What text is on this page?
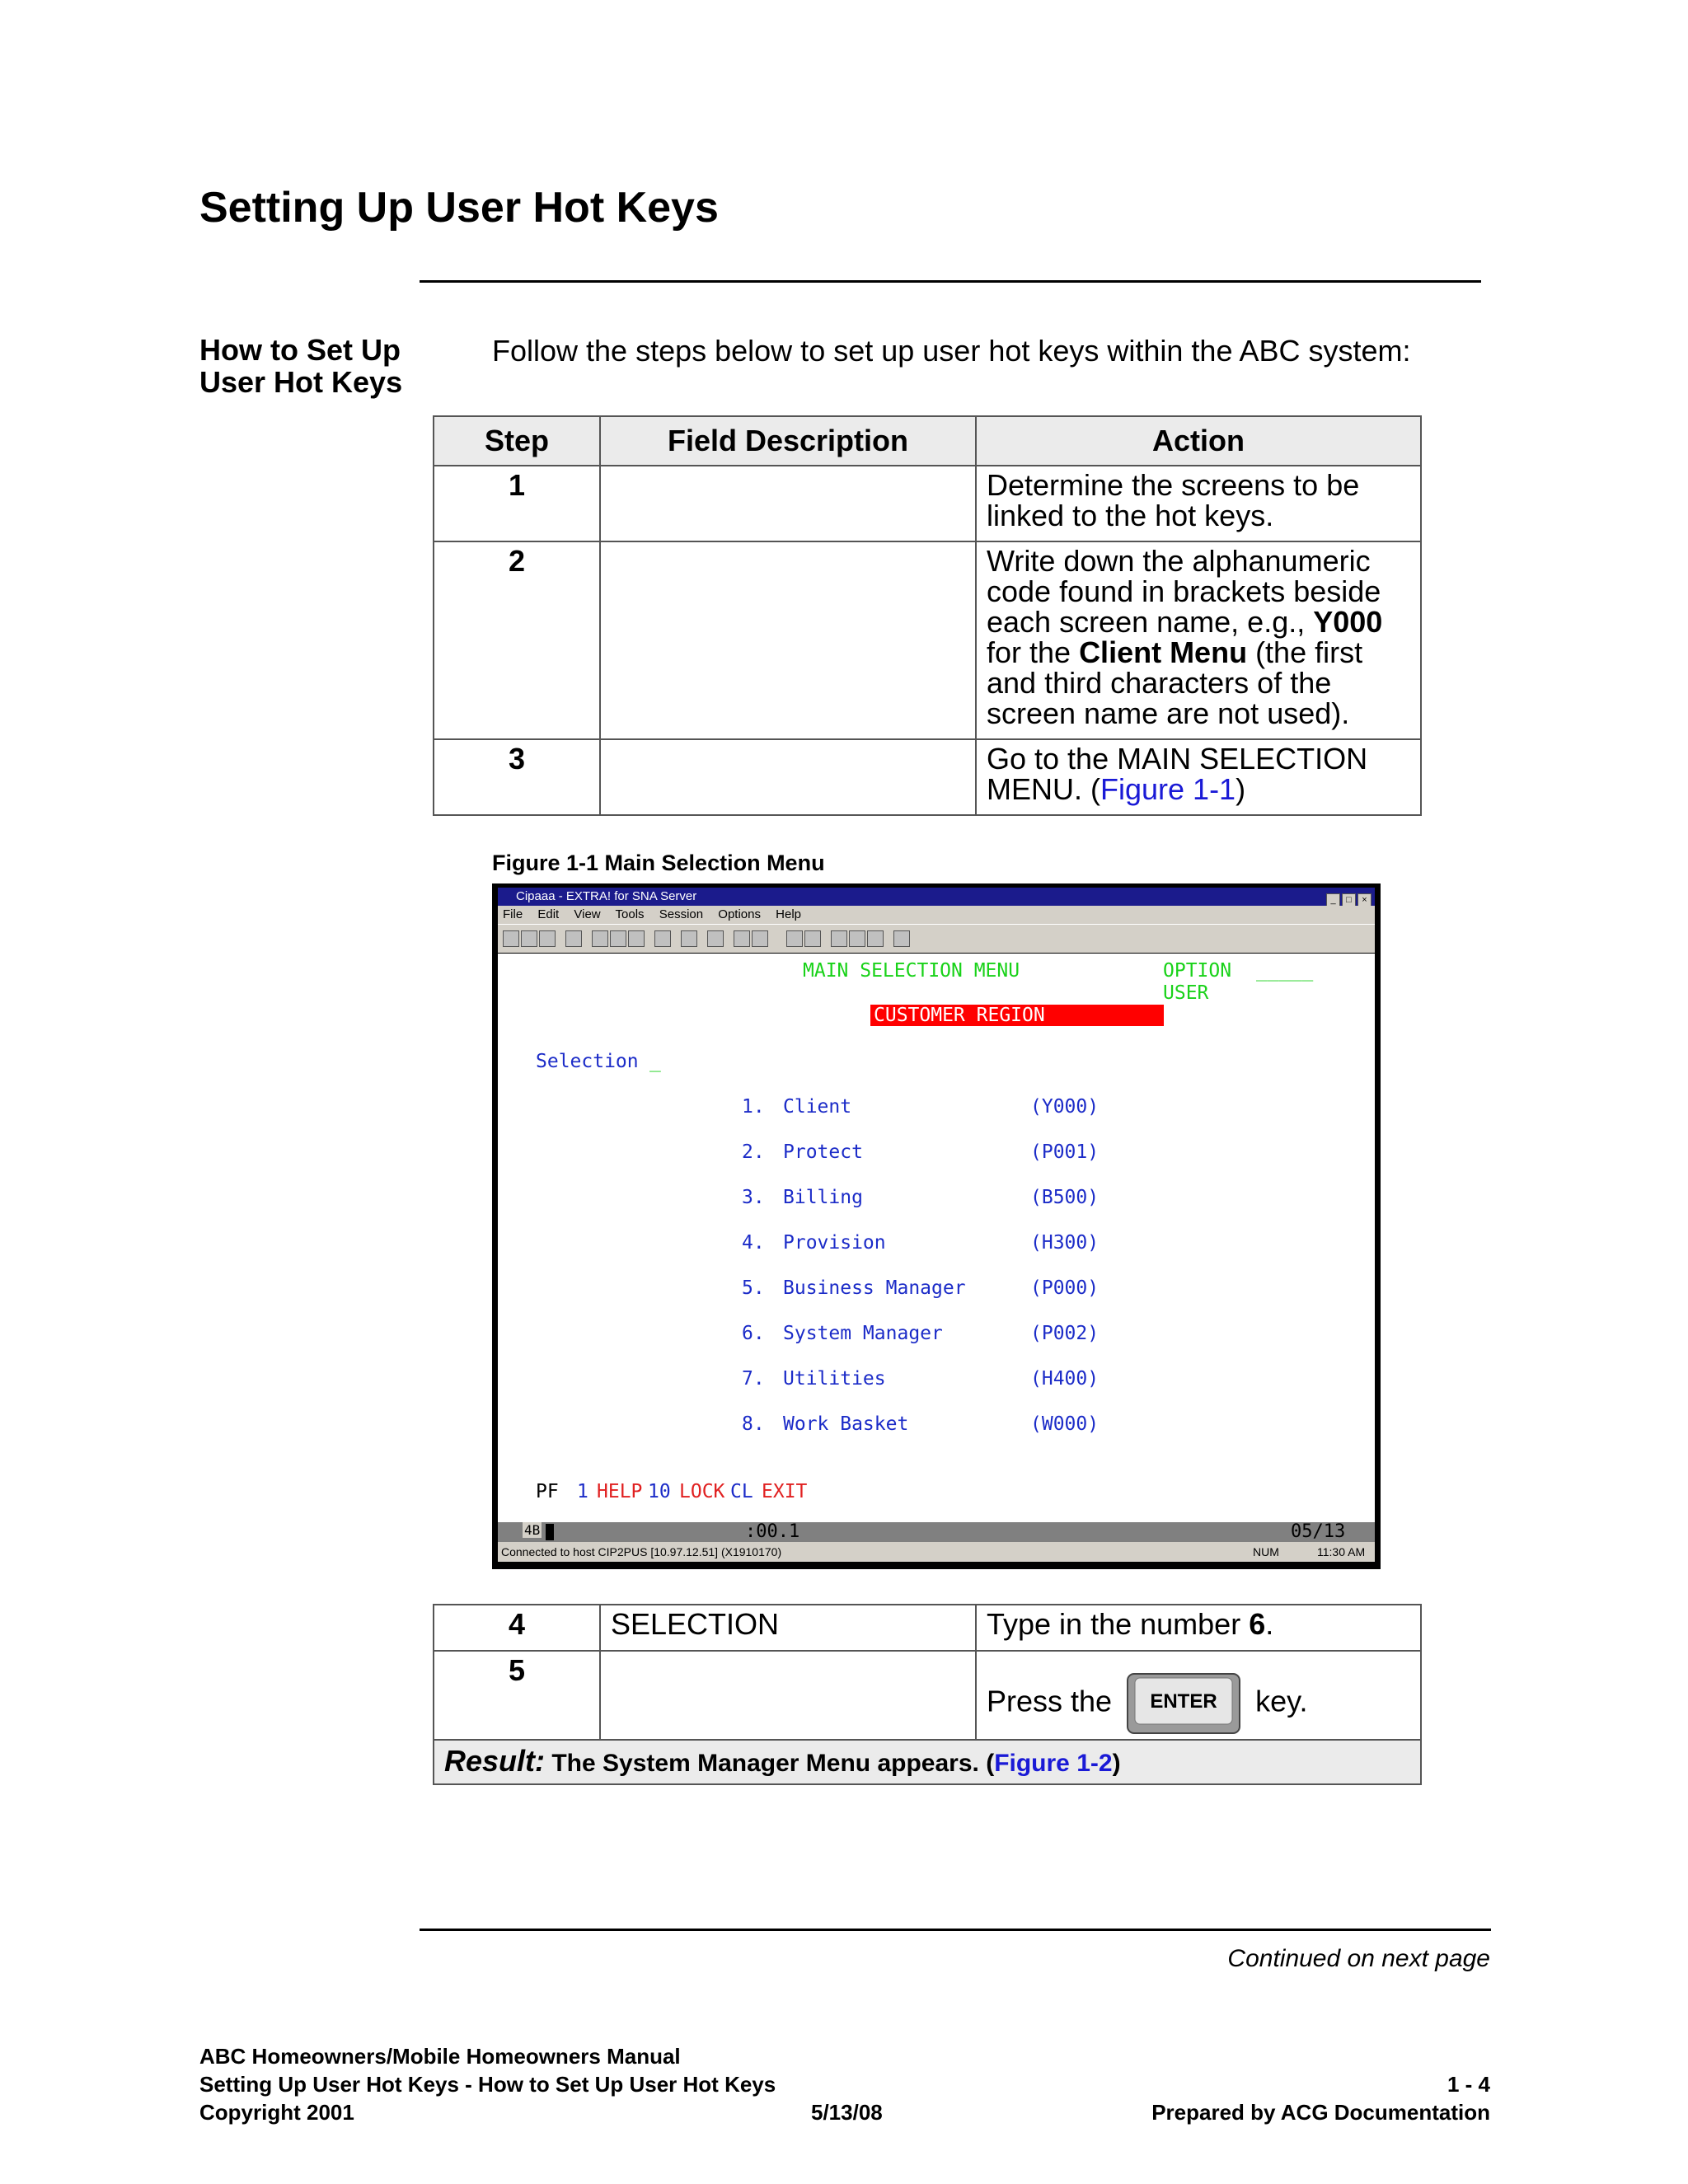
Setting Up User Hot Keys
How to Set Up
User Hot Keys
Follow the steps below to set up user hot keys within the ABC system:
Step	Field Description	Action
1		Determine the screens to be linked to the hot keys.
2		Write down the alphanumeric code found in brackets beside each screen name, e.g., Y000 for the Client Menu (the first and third characters of the screen name are not used).
3		Go to the MAIN SELECTION MENU. (Figure 1-1)
Figure 1-1 Main Selection Menu
Cipaaa - EXTRA! for SNA Server	_ □ ×
File Edit View Tools Session Options Help
MAIN SELECTION MENU	OPTION _____
USER
CUSTOMER REGION
Selection _
1. Client	(Y000)
2. Protect	(P001)
3. Billing	(B500)
4. Provision	(H300)
5. Business Manager	(P000)
6. System Manager	(P002)
7. Utilities	(H400)
8. Work Basket	(W000)
PF 1 HELP 10 LOCK CL EXIT
4B	:00.1	05/13
Connected to host CIP2PUS [10.97.12.51] (X1910170)	NUM	11:30 AM
4	SELECTION	Type in the number 6.
5		Press the ENTER key.
Result: The System Manager Menu appears. (Figure 1-2)		
Continued on next page
ABC Homeowners/Mobile Homeowners Manual
Setting Up User Hot Keys - How to Set Up User Hot Keys
Copyright 2001	5/13/08
1 - 4
Prepared by ACG Documentation
